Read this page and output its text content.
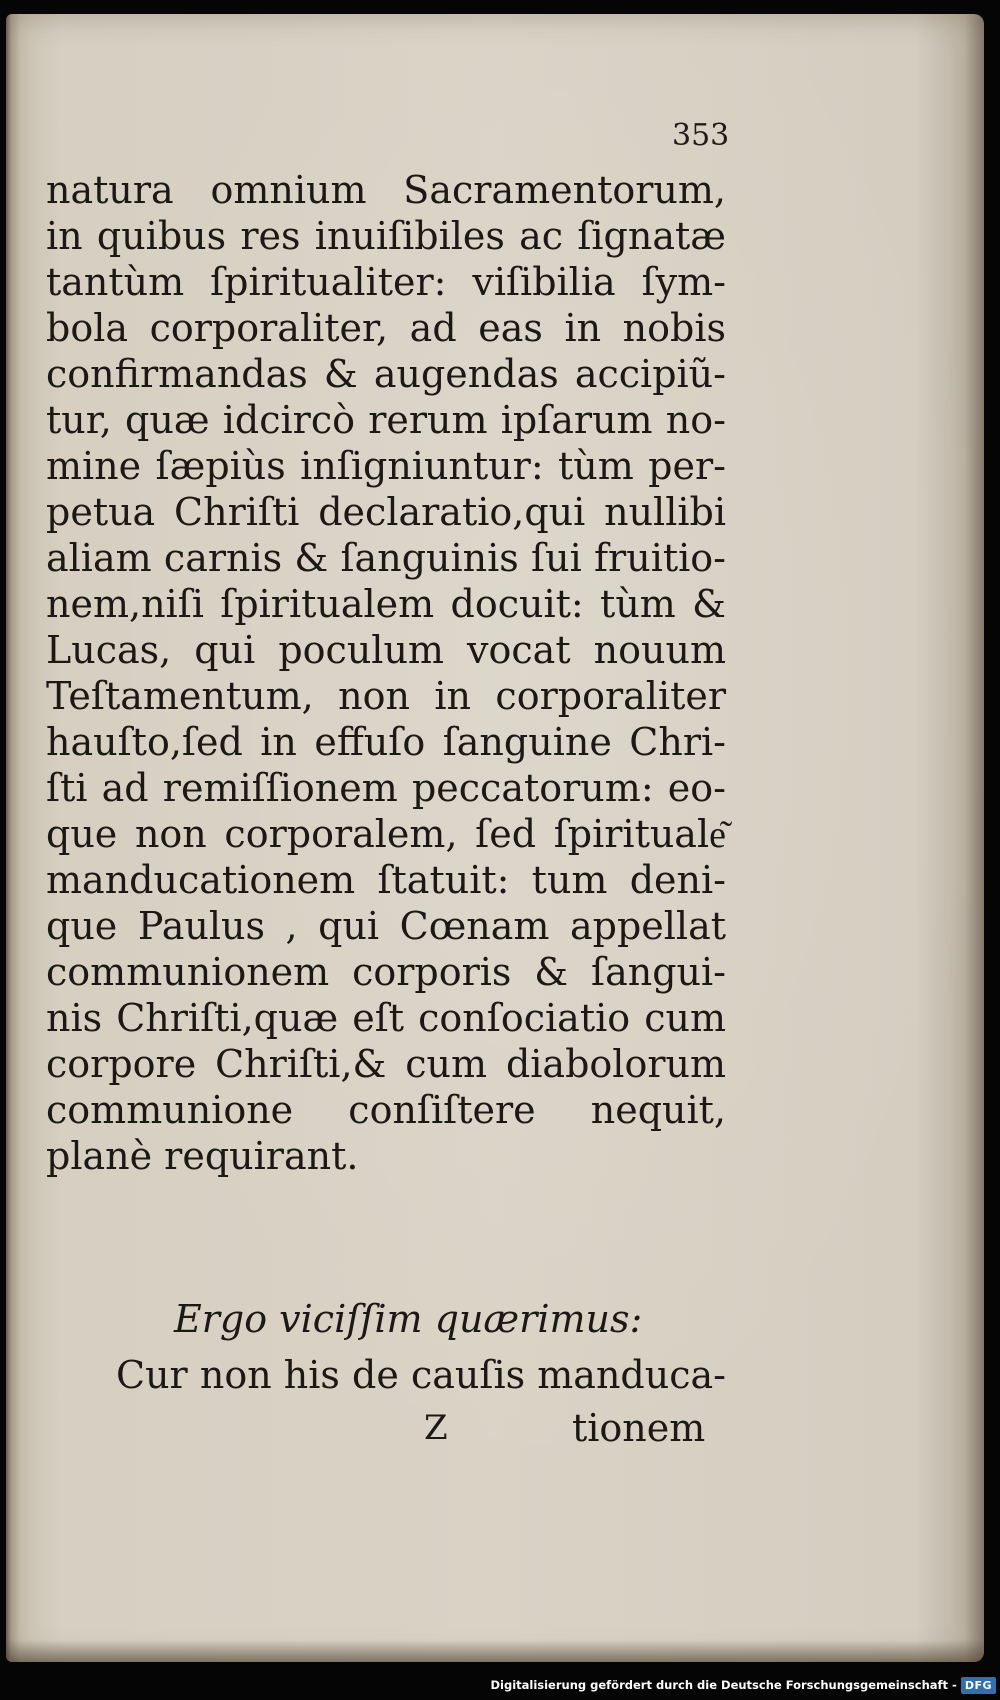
353

natura omnium Sacramentorum,

in quibus res inuiſibiles ac ſignatæ

tantùm ſpiritualiter: viſibilia ſym-

bola corporaliter, ad eas in nobis

confirmandas & augendas accipiũ-

tur, quæ idcircò rerum ipſarum no-

mine ſæpiùs inſigniuntur: tùm per-

petua Chriſti declaratio,qui nullibi

aliam carnis & ſanguinis ſui fruitio-

nem,niſi ſpiritualem docuit: tùm &

Lucas, qui poculum vocat nouum

Teſtamentum, non in corporaliter

hauſto,ſed in effuſo ſanguine Chri-

ſti ad remiſſionem peccatorum: eo-

que non corporalem, ſed ſpirituale͂

manducationem ſtatuit: tum deni-

que Paulus , qui Cœnam appellat

communionem corporis & ſangui-

nis Chriſti,quæ eſt conſociatio cum

corpore Chriſti,& cum diabolorum

communione conſiſtere nequit,

planè requirant.

Ergo viciſſim quærimus:

Cur non his de cauſis manduca-

Z	tionem
Digitalisierung gefördert durch die Deutsche Forschungsgemeinschaft - DFG
